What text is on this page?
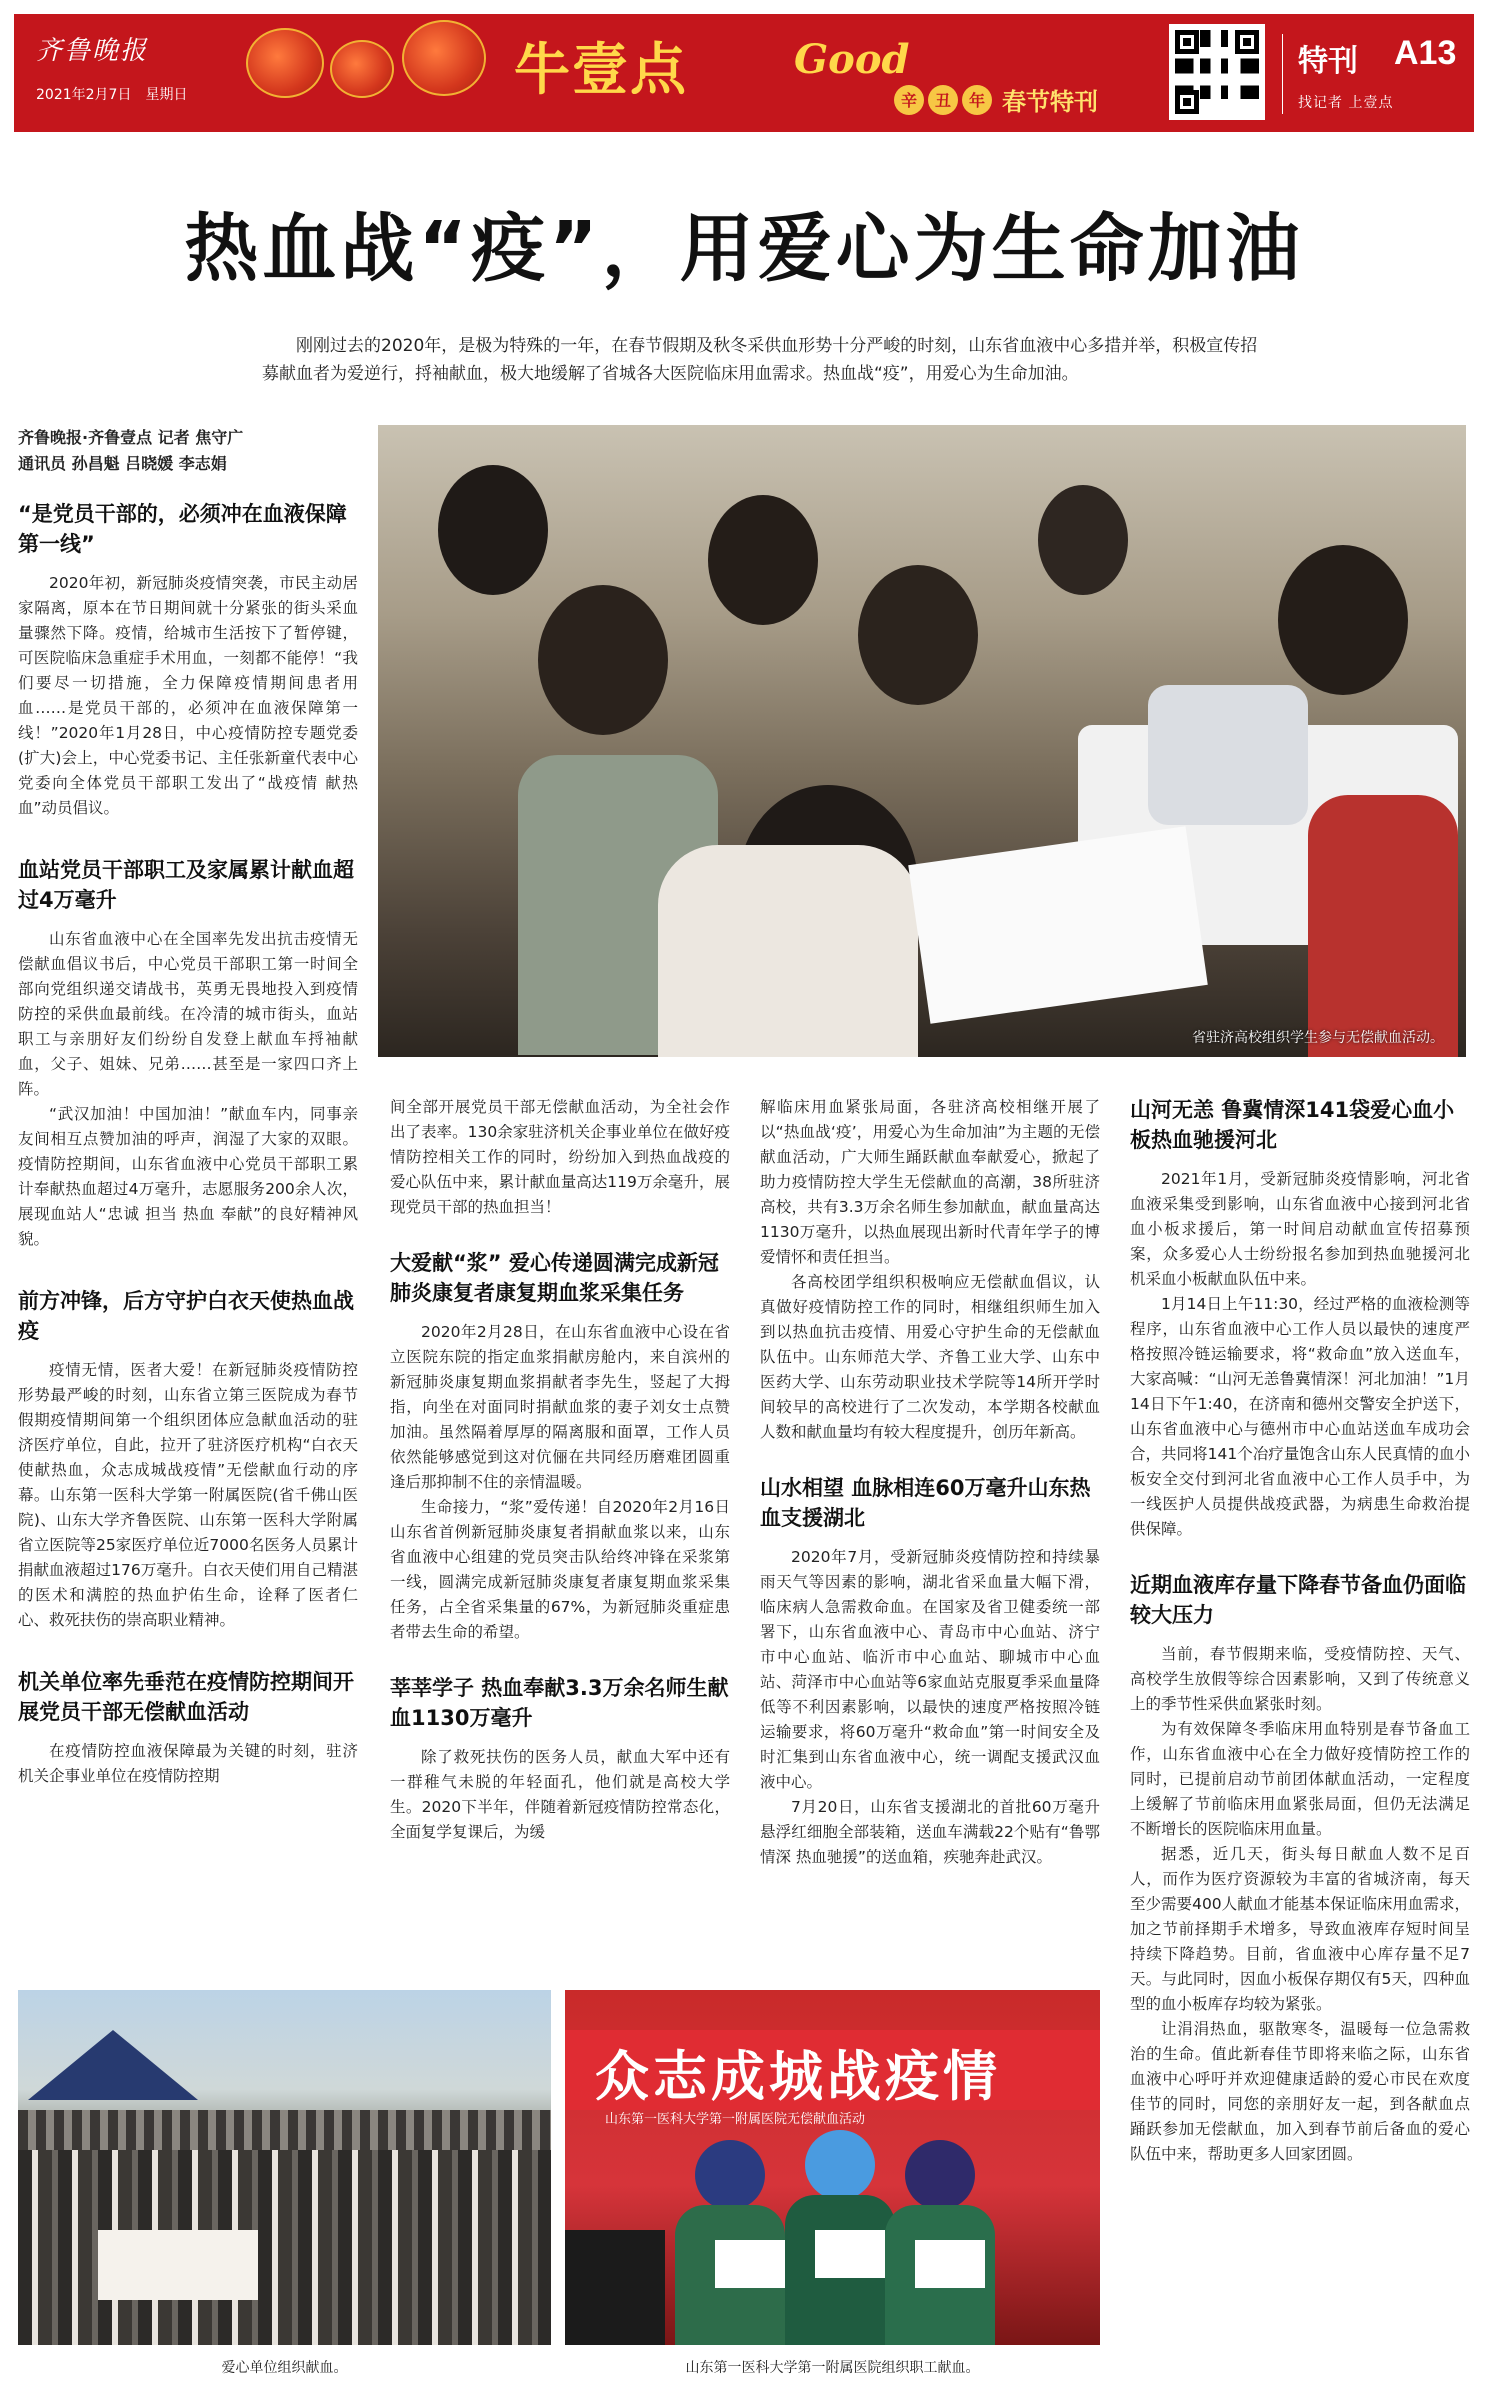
齐鲁晚报
2021年2月7日 星期日	牛壹点	Good
辛	丑	年 春节特刊
特刊 A13
找记者 上壹点
热血战“疫”，用爱心为生命加油
刚刚过去的2020年，是极为特殊的一年，在春节假期及秋冬采供血形势十分严峻的时刻，山东省血液中心多措并举，积极宣传招募献血者为爱逆行，捋袖献血，极大地缓解了省城各大医院临床用血需求。热血战“疫”，用爱心为生命加油。
省驻济高校组织学生参与无偿献血活动。
齐鲁晚报·齐鲁壹点 记者 焦守广
通讯员 孙昌魁 吕晓媛 李志娟
“是党员干部的，必须冲在血液保障第一线”

2020年初，新冠肺炎疫情突袭，市民主动居家隔离，原本在节日期间就十分紧张的街头采血量骤然下降。疫情，给城市生活按下了暂停键，可医院临床急重症手术用血，一刻都不能停！“我们要尽一切措施，全力保障疫情期间患者用血……是党员干部的，必须冲在血液保障第一线！”2020年1月28日，中心疫情防控专题党委(扩大)会上，中心党委书记、主任张新童代表中心党委向全体党员干部职工发出了“战疫情 献热血”动员倡议。

血站党员干部职工及家属累计献血超过4万毫升

山东省血液中心在全国率先发出抗击疫情无偿献血倡议书后，中心党员干部职工第一时间全部向党组织递交请战书，英勇无畏地投入到疫情防控的采供血最前线。在冷清的城市街头，血站职工与亲朋好友们纷纷自发登上献血车捋袖献血，父子、姐妹、兄弟……甚至是一家四口齐上阵。

“武汉加油！中国加油！”献血车内，同事亲友间相互点赞加油的呼声，润湿了大家的双眼。疫情防控期间，山东省血液中心党员干部职工累计奉献热血超过4万毫升，志愿服务200余人次，展现血站人“忠诚 担当 热血 奉献”的良好精神风貌。

前方冲锋，后方守护白衣天使热血战疫

疫情无情，医者大爱！在新冠肺炎疫情防控形势最严峻的时刻，山东省立第三医院成为春节假期疫情期间第一个组织团体应急献血活动的驻济医疗单位，自此，拉开了驻济医疗机构“白衣天使献热血，众志成城战疫情”无偿献血行动的序幕。山东第一医科大学第一附属医院(省千佛山医院)、山东大学齐鲁医院、山东第一医科大学附属省立医院等25家医疗单位近7000名医务人员累计捐献血液超过176万毫升。白衣天使们用自己精湛的医术和满腔的热血护佑生命，诠释了医者仁心、救死扶伤的崇高职业精神。

机关单位率先垂范在疫情防控期间开展党员干部无偿献血活动

在疫情防控血液保障最为关键的时刻，驻济机关企事业单位在疫情防控期

间全部开展党员干部无偿献血活动，为全社会作出了表率。130余家驻济机关企事业单位在做好疫情防控相关工作的同时，纷纷加入到热血战疫的爱心队伍中来，累计献血量高达119万余毫升，展现党员干部的热血担当！

大爱献“浆” 爱心传递圆满完成新冠肺炎康复者康复期血浆采集任务

2020年2月28日，在山东省血液中心设在省立医院东院的指定血浆捐献房舱内，来自滨州的新冠肺炎康复期血浆捐献者李先生，竖起了大拇指，向坐在对面同时捐献血浆的妻子刘女士点赞加油。虽然隔着厚厚的隔离服和面罩，工作人员依然能够感觉到这对伉俪在共同经历磨难团圆重逢后那抑制不住的亲情温暖。

生命接力，“浆”爱传递！自2020年2月16日山东省首例新冠肺炎康复者捐献血浆以来，山东省血液中心组建的党员突击队给终冲锋在采浆第一线，圆满完成新冠肺炎康复者康复期血浆采集任务，占全省采集量的67%，为新冠肺炎重症患者带去生命的希望。

莘莘学子 热血奉献3.3万余名师生献血1130万毫升

除了救死扶伤的医务人员，献血大军中还有一群稚气未脱的年轻面孔，他们就是高校大学生。2020下半年，伴随着新冠疫情防控常态化，全面复学复课后，为缓

解临床用血紧张局面，各驻济高校相继开展了以“热血战‘疫’，用爱心为生命加油”为主题的无偿献血活动，广大师生踊跃献血奉献爱心，掀起了助力疫情防控大学生无偿献血的高潮，38所驻济高校，共有3.3万余名师生参加献血，献血量高达1130万毫升，以热血展现出新时代青年学子的博爱情怀和责任担当。

各高校团学组织积极响应无偿献血倡议，认真做好疫情防控工作的同时，相继组织师生加入到以热血抗击疫情、用爱心守护生命的无偿献血队伍中。山东师范大学、齐鲁工业大学、山东中医药大学、山东劳动职业技术学院等14所开学时间较早的高校进行了二次发动，本学期各校献血人数和献血量均有较大程度提升，创历年新高。

山水相望 血脉相连60万毫升山东热血支援湖北

2020年7月，受新冠肺炎疫情防控和持续暴雨天气等因素的影响，湖北省采血量大幅下滑，临床病人急需救命血。在国家及省卫健委统一部署下，山东省血液中心、青岛市中心血站、济宁市中心血站、临沂市中心血站、聊城市中心血站、菏泽市中心血站等6家血站克服夏季采血量降低等不利因素影响，以最快的速度严格按照冷链运输要求，将60万毫升“救命血”第一时间安全及时汇集到山东省血液中心，统一调配支援武汉血液中心。

7月20日，山东省支援湖北的首批60万毫升悬浮红细胞全部装箱，送血车满载22个贴有“鲁鄂情深 热血驰援”的送血箱，疾驰奔赴武汉。

山河无恙 鲁冀情深141袋爱心血小板热血驰援河北

2021年1月，受新冠肺炎疫情影响，河北省血液采集受到影响，山东省血液中心接到河北省血小板求援后，第一时间启动献血宣传招募预案，众多爱心人士纷纷报名参加到热血驰援河北机采血小板献血队伍中来。

1月14日上午11:30，经过严格的血液检测等程序，山东省血液中心工作人员以最快的速度严格按照冷链运输要求，将“救命血”放入送血车，大家高喊：“山河无恙鲁冀情深！河北加油！”1月14日下午1:40，在济南和德州交警安全护送下，山东省血液中心与德州市中心血站送血车成功会合，共同将141个冶疗量饱含山东人民真情的血小板安全交付到河北省血液中心工作人员手中，为一线医护人员提供战疫武器，为病患生命救治提供保障。

近期血液库存量下降春节备血仍面临较大压力

当前，春节假期来临，受疫情防控、天气、高校学生放假等综合因素影响，又到了传统意义上的季节性采供血紧张时刻。

为有效保障冬季临床用血特别是春节备血工作，山东省血液中心在全力做好疫情防控工作的同时，已提前启动节前团体献血活动，一定程度上缓解了节前临床用血紧张局面，但仍无法满足不断增长的医院临床用血量。

据悉，近几天，街头每日献血人数不足百人，而作为医疗资源较为丰富的省城济南，每天至少需要400人献血才能基本保证临床用血需求，加之节前择期手术增多，导致血液库存短时间呈持续下降趋势。目前，省血液中心库存量不足7天。与此同时，因血小板保存期仅有5天，四种血型的血小板库存均较为紧张。

让涓涓热血，驱散寒冬，温暖每一位急需救治的生命。值此新春佳节即将来临之际，山东省血液中心呼吁并欢迎健康适龄的爱心市民在欢度佳节的同时，同您的亲朋好友一起，到各献血点踊跃参加无偿献血，加入到春节前后备血的爱心队伍中来，帮助更多人回家团圆。

爱心单位组织献血。
众志成城战疫情
山东第一医科大学第一附属医院无偿献血活动
山东第一医科大学第一附属医院组织职工献血。
